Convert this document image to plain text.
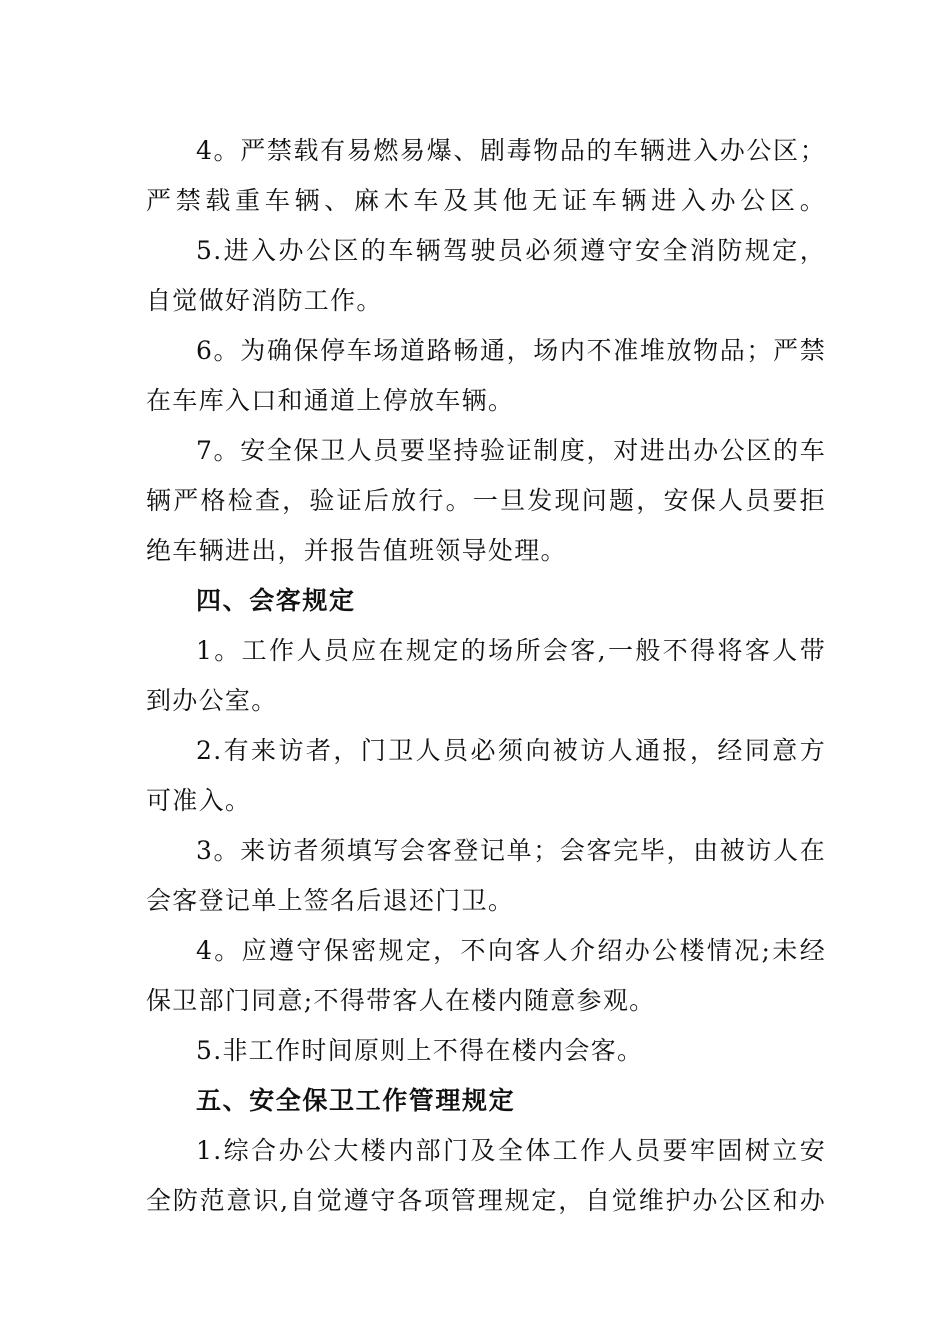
4。严禁载有易燃易爆、剧毒物品的车辆进入办公区；
严禁载重车辆、麻木车及其他无证车辆进入办公区。
5.进入办公区的车辆驾驶员必须遵守安全消防规定，
自觉做好消防工作。
6。为确保停车场道路畅通，场内不准堆放物品；严禁
在车库入口和通道上停放车辆。
7。安全保卫人员要坚持验证制度，对进出办公区的车
辆严格检查，验证后放行。一旦发现问题，安保人员要拒
绝车辆进出，并报告值班领导处理。
四、会客规定
1。工作人员应在规定的场所会客,一般不得将客人带
到办公室。
2.有来访者，门卫人员必须向被访人通报，经同意方
可准入。
3。来访者须填写会客登记单；会客完毕，由被访人在
会客登记单上签名后退还门卫。
4。应遵守保密规定，不向客人介绍办公楼情况;未经
保卫部门同意;不得带客人在楼内随意参观。
5.非工作时间原则上不得在楼内会客。
五、安全保卫工作管理规定
1.综合办公大楼内部门及全体工作人员要牢固树立安
全防范意识,自觉遵守各项管理规定，自觉维护办公区和办
